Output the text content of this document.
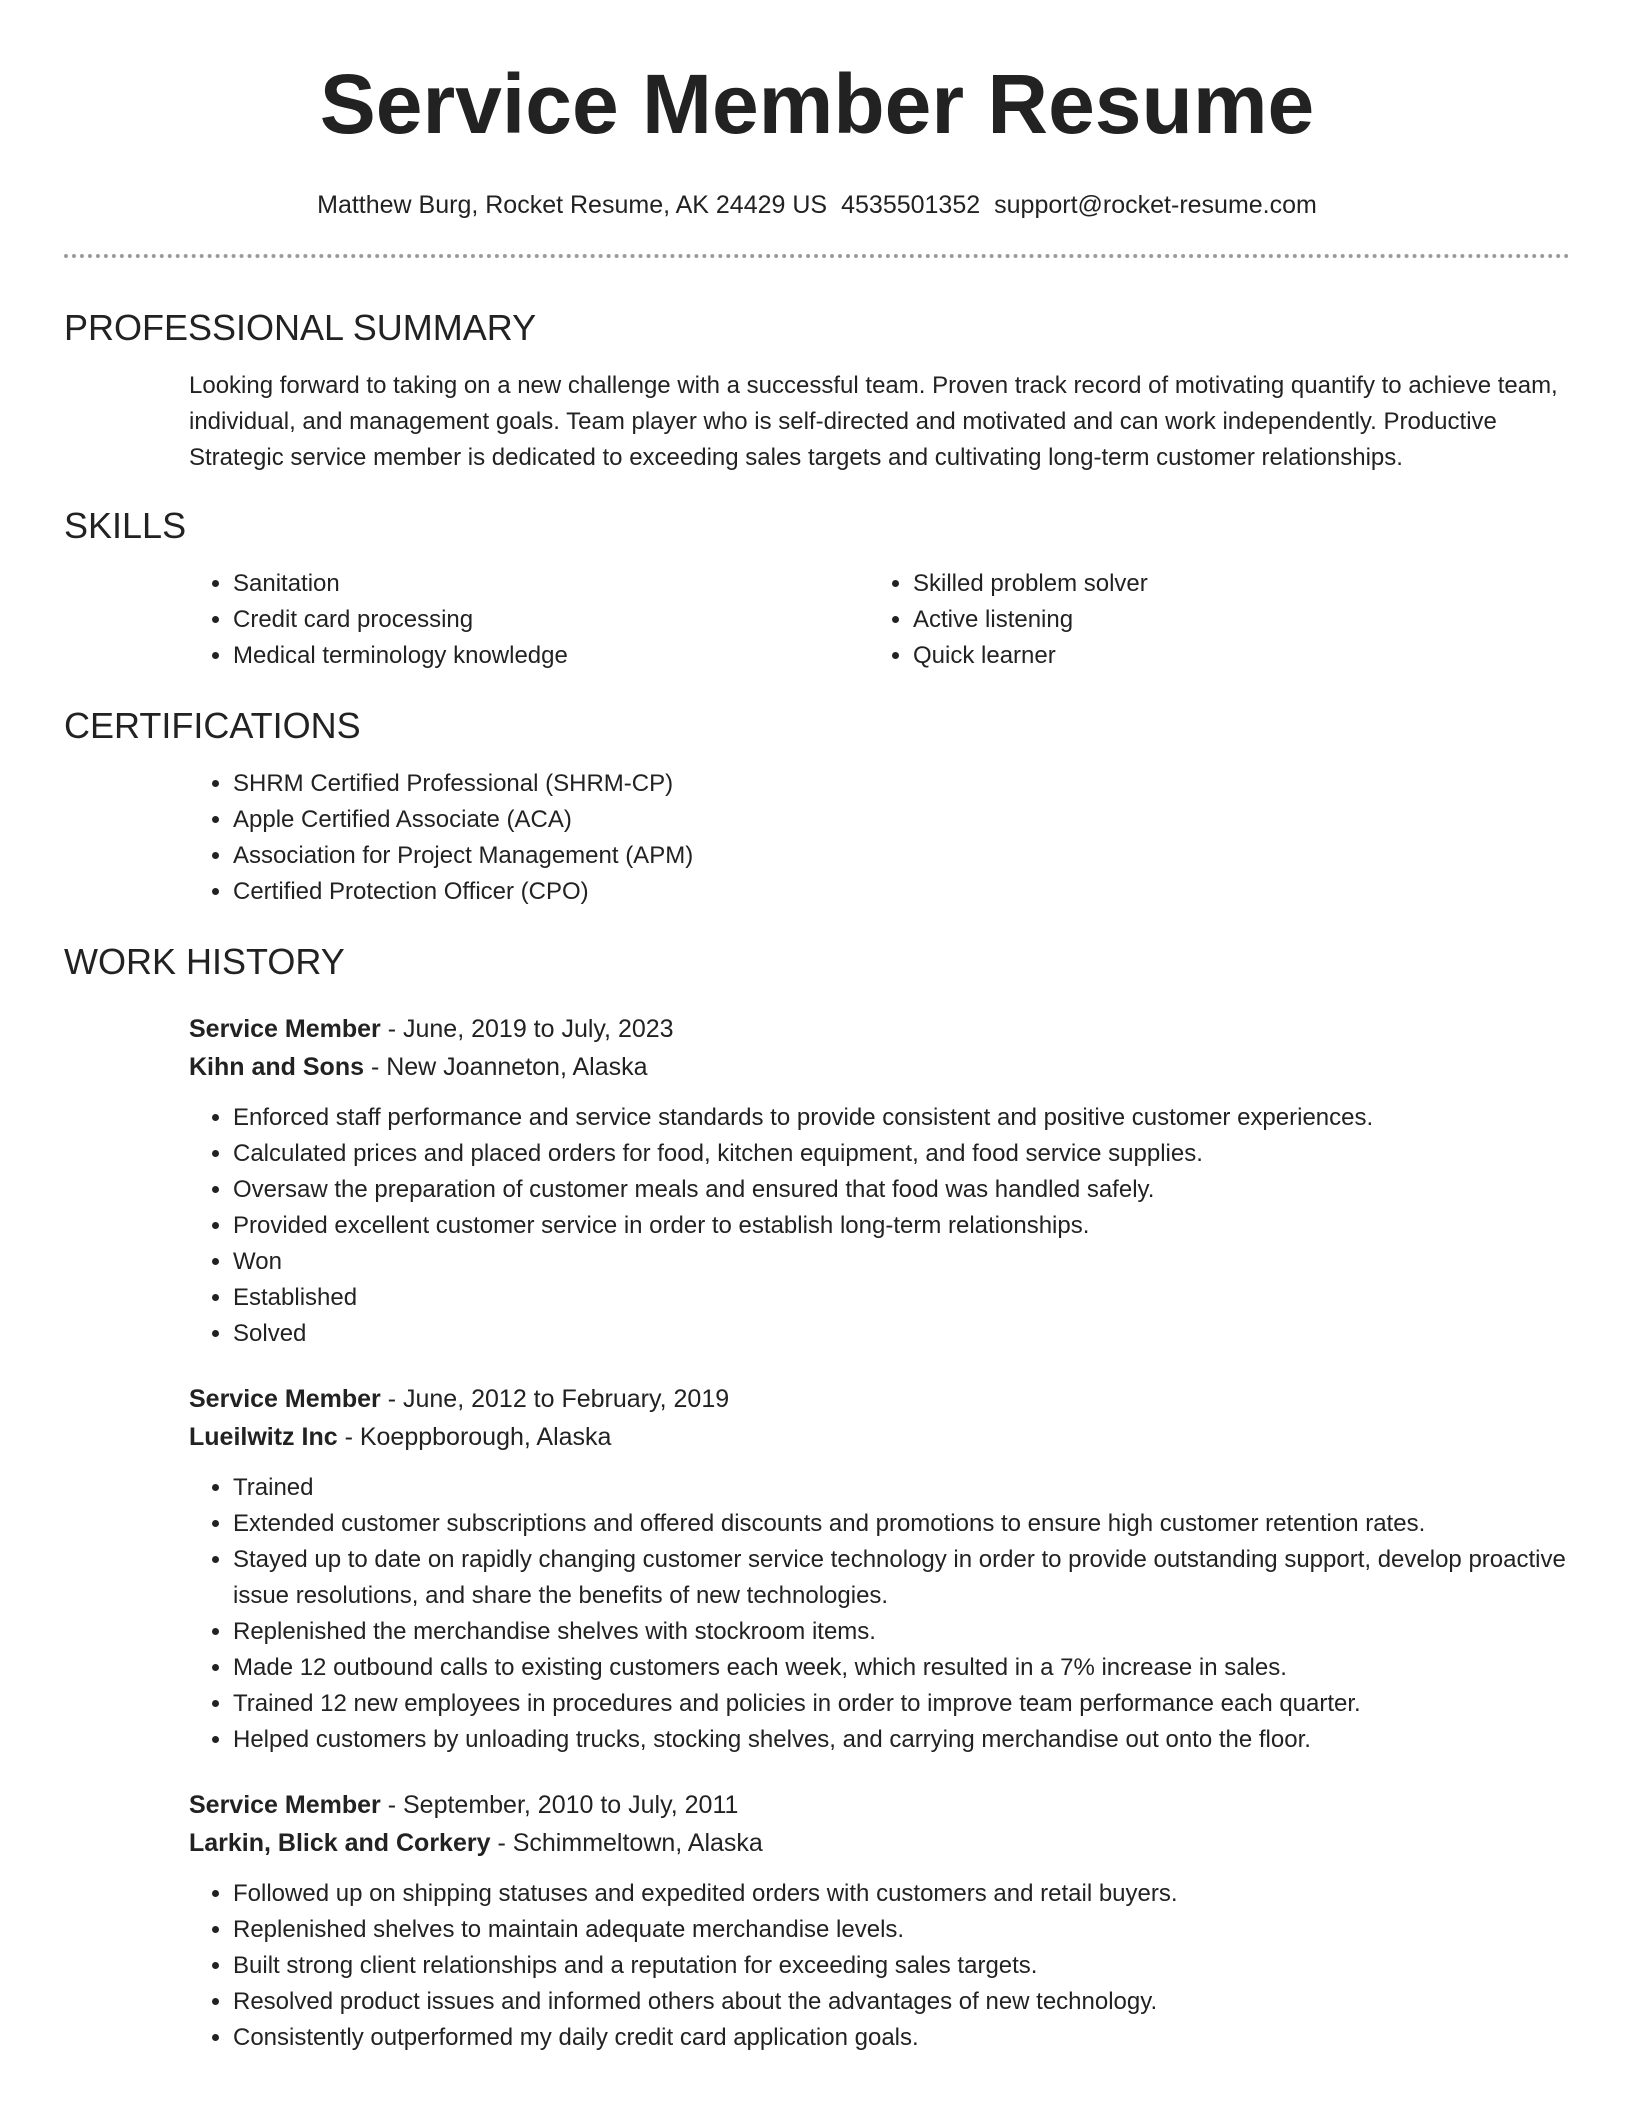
Service Member Resume
Matthew Burg, Rocket Resume, AK 24429 US 4535501352 support@rocket-resume.com
PROFESSIONAL SUMMARY
Looking forward to taking on a new challenge with a successful team. Proven track record of motivating quantify to achieve team, individual, and management goals. Team player who is self-directed and motivated and can work independently. Productive Strategic service member is dedicated to exceeding sales targets and cultivating long-term customer relationships.
SKILLS
• Sanitation
• Credit card processing
• Medical terminology knowledge
• Skilled problem solver
• Active listening
• Quick learner
CERTIFICATIONS
• SHRM Certified Professional (SHRM-CP)
• Apple Certified Associate (ACA)
• Association for Project Management (APM)
• Certified Protection Officer (CPO)
WORK HISTORY
Service Member - June, 2019 to July, 2023
Kihn and Sons - New Joanneton, Alaska
• Enforced staff performance and service standards to provide consistent and positive customer experiences.
• Calculated prices and placed orders for food, kitchen equipment, and food service supplies.
• Oversaw the preparation of customer meals and ensured that food was handled safely.
• Provided excellent customer service in order to establish long-term relationships.
• Won
• Established
• Solved
Service Member - June, 2012 to February, 2019
Lueilwitz Inc - Koeppborough, Alaska
• Trained
• Extended customer subscriptions and offered discounts and promotions to ensure high customer retention rates.
• Stayed up to date on rapidly changing customer service technology in order to provide outstanding support, develop proactive issue resolutions, and share the benefits of new technologies.
• Replenished the merchandise shelves with stockroom items.
• Made 12 outbound calls to existing customers each week, which resulted in a 7% increase in sales.
• Trained 12 new employees in procedures and policies in order to improve team performance each quarter.
• Helped customers by unloading trucks, stocking shelves, and carrying merchandise out onto the floor.
Service Member - September, 2010 to July, 2011
Larkin, Blick and Corkery - Schimmeltown, Alaska
• Followed up on shipping statuses and expedited orders with customers and retail buyers.
• Replenished shelves to maintain adequate merchandise levels.
• Built strong client relationships and a reputation for exceeding sales targets.
• Resolved product issues and informed others about the advantages of new technology.
• Consistently outperformed my daily credit card application goals.
